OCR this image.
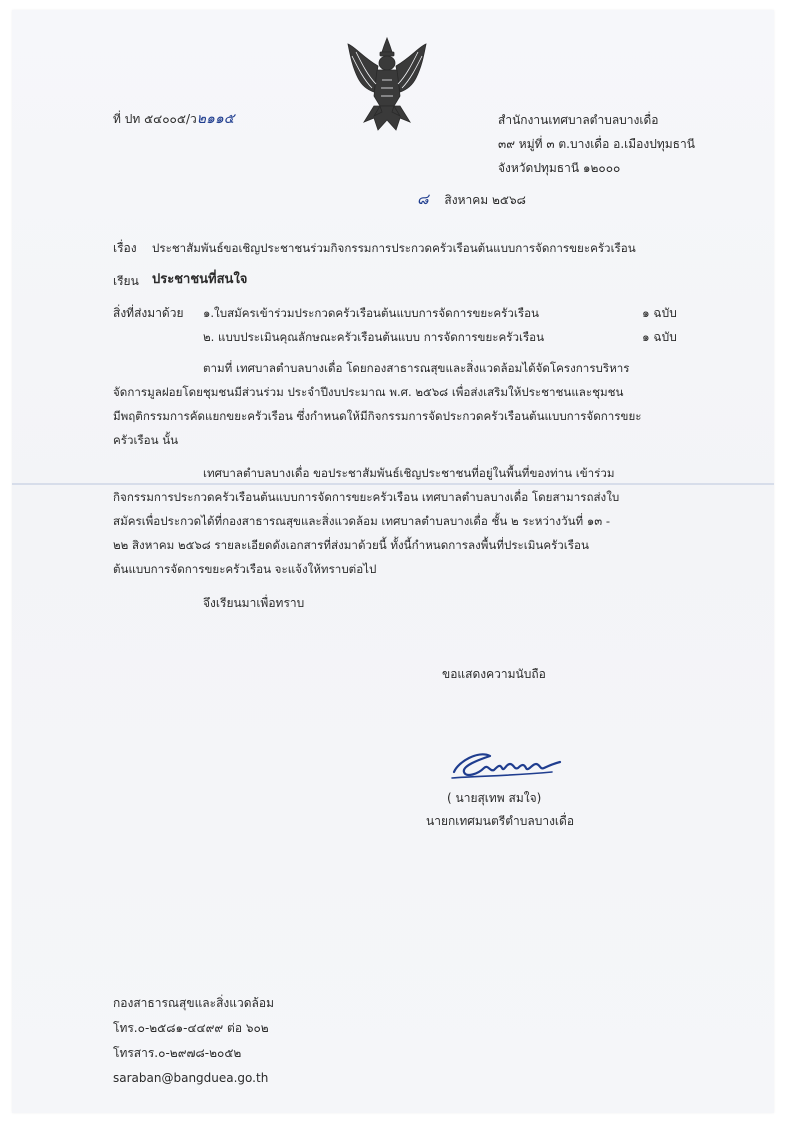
ที่ ปท ๕๔๐๐๕/ว๒๑๑๕	สำนักงานเทศบาลตำบลบางเดื่อ
๓๙ หมู่ที่ ๓ ต.บางเดื่อ อ.เมืองปทุมธานี
จังหวัดปทุมธานี ๑๒๐๐๐
๘ สิงหาคม ๒๕๖๘
เรื่อง ประชาสัมพันธ์ขอเชิญประชาชนร่วมกิจกรรมการประกวดครัวเรือนต้นแบบการจัดการขยะครัวเรือน
เรียน ประชาชนที่สนใจ
สิ่งที่ส่งมาด้วย ๑.ใบสมัครเข้าร่วมประกวดครัวเรือนต้นแบบการจัดการขยะครัวเรือน	๑ ฉบับ
๒. แบบประเมินคุณลักษณะครัวเรือนต้นแบบ การจัดการขยะครัวเรือน	๑ ฉบับ
ตามที่ เทศบาลตำบลบางเดื่อ โดยกองสาธารณสุขและสิ่งแวดล้อมได้จัดโครงการบริหาร
จัดการมูลฝอยโดยชุมชนมีส่วนร่วม ประจำปีงบประมาณ พ.ศ. ๒๕๖๘ เพื่อส่งเสริมให้ประชาชนและชุมชน
มีพฤติกรรมการคัดแยกขยะครัวเรือน ซึ่งกำหนดให้มีกิจกรรมการจัดประกวดครัวเรือนต้นแบบการจัดการขยะ
ครัวเรือน นั้น
เทศบาลตำบลบางเดื่อ ขอประชาสัมพันธ์เชิญประชาชนที่อยู่ในพื้นที่ของท่าน เข้าร่วม
กิจกรรมการประกวดครัวเรือนต้นแบบการจัดการขยะครัวเรือน เทศบาลตำบลบางเดื่อ โดยสามารถส่งใบ
สมัครเพื่อประกวดได้ที่กองสาธารณสุขและสิ่งแวดล้อม เทศบาลตำบลบางเดื่อ ชั้น ๒ ระหว่างวันที่ ๑๓ -
๒๒ สิงหาคม ๒๕๖๘ รายละเอียดดังเอกสารที่ส่งมาด้วยนี้ ทั้งนี้กำหนดการลงพื้นที่ประเมินครัวเรือน
ต้นแบบการจัดการขยะครัวเรือน จะแจ้งให้ทราบต่อไป
จึงเรียนมาเพื่อทราบ
ขอแสดงความนับถือ
( นายสุเทพ สมใจ)
นายกเทศมนตรีตำบลบางเดื่อ
กองสาธารณสุขและสิ่งแวดล้อม
โทร.๐-๒๕๘๑-๔๔๙๙ ต่อ ๖๐๒
โทรสาร.๐-๒๙๗๘-๒๐๕๒
saraban@bangduea.go.th
